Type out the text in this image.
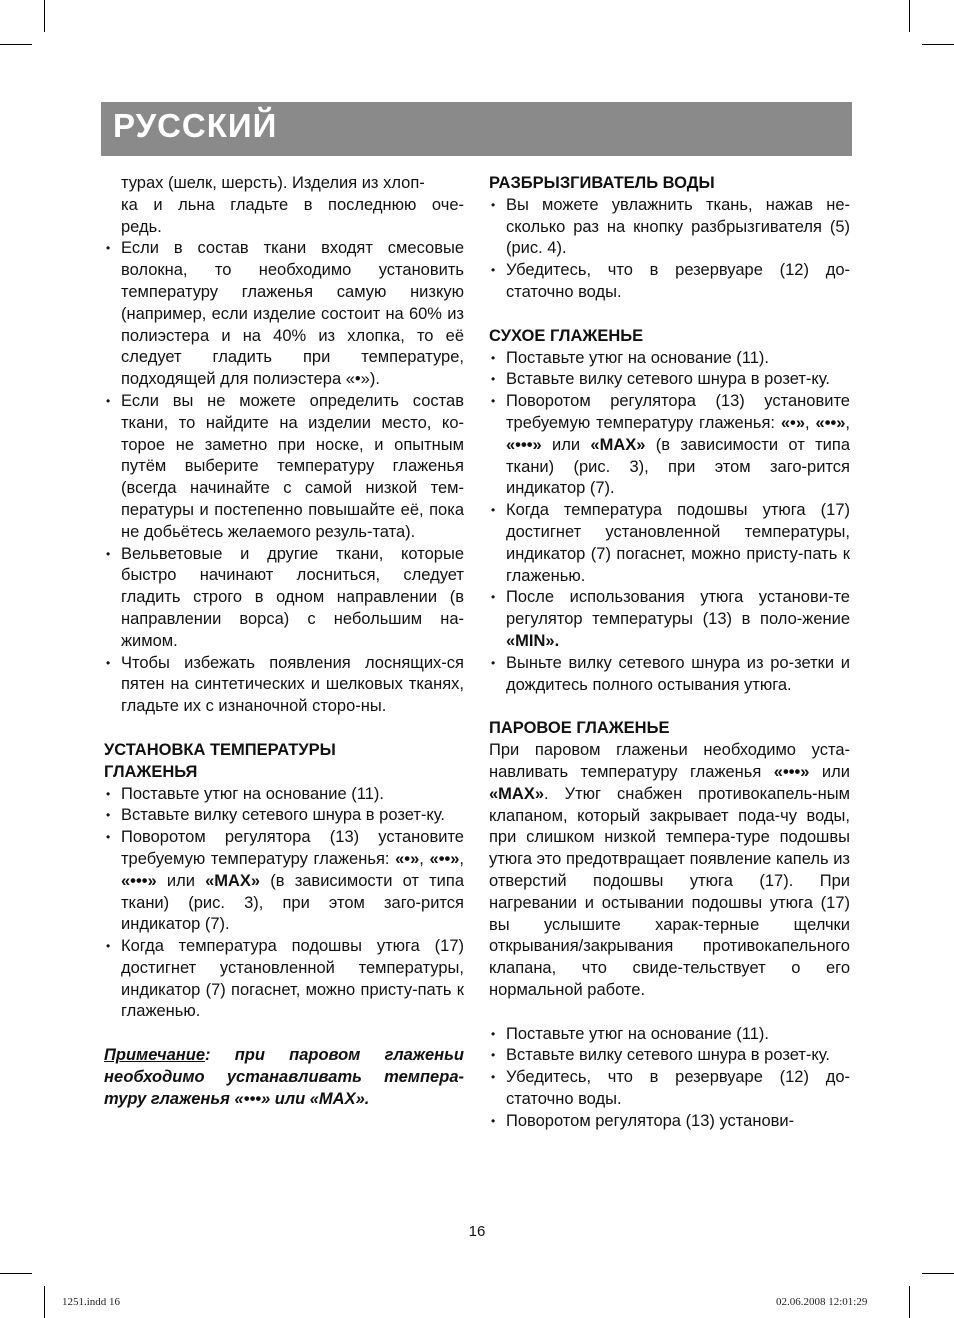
РУССКИЙ

турах (шелк, шерсть). Изделия из хлоп-

ка и льна гладьте в последнюю оче-

редь.

• Если в состав ткани входят смесовые волокна, то необходимо установить температуру глаженья самую низкую (например, если изделие состоит на 60% из полиэстера и на 40% из хлопка, то её следует гладить при температуре, подходящей для полиэстера «•»).

• Если вы не можете определить состав ткани, то найдите на изделии место, ко-торое не заметно при носке, и опытным путём выберите температуру глаженья (всегда начинайте с самой низкой тем-пературы и постепенно повышайте её, пока не добьётесь желаемого резуль-тата).

• Вельветовые и другие ткани, которые быстро начинают лосниться, следует гладить строго в одном направлении (в направлении ворса) с небольшим на-жимом.

• Чтобы избежать появления лоснящих-ся пятен на синтетических и шелковых тканях, гладьте их с изнаночной сторо-ны.

УСТАНОВКА ТЕМПЕРАТУРЫ

ГЛАЖЕНЬЯ

• Поставьте утюг на основание (11).

• Вставьте вилку сетевого шнура в розет-ку.

• Поворотом регулятора (13) установите требуемую температуру глаженья: «•», «••», «•••» или «MAX» (в зависимости от типа ткани) (рис. 3), при этом заго-рится индикатор (7).

• Когда температура подошвы утюга (17) достигнет установленной температуры, индикатор (7) погаснет, можно присту-пать к глаженью.

Примечание: при паровом глаженьи необходимо устанавливать темпера-туру глаженья «•••» или «MAX».

РАЗБРЫЗГИВАТЕЛЬ ВОДЫ

• Вы можете увлажнить ткань, нажав не-сколько раз на кнопку разбрызгивателя (5) (рис. 4).

• Убедитесь, что в резервуаре (12) до-статочно воды.

СУХОЕ ГЛАЖЕНЬЕ

• Поставьте утюг на основание (11).

• Вставьте вилку сетевого шнура в розет-ку.

• Поворотом регулятора (13) установите требуемую температуру глаженья: «•», «••», «•••» или «MAX» (в зависимости от типа ткани) (рис. 3), при этом заго-рится индикатор (7).

• Когда температура подошвы утюга (17) достигнет установленной температуры, индикатор (7) погаснет, можно присту-пать к глаженью.

• После использования утюга установи-те регулятор температуры (13) в поло-жение «MIN».

• Выньте вилку сетевого шнура из ро-зетки и дождитесь полного остывания утюга.

ПАРОВОЕ ГЛАЖЕНЬЕ

При паровом глаженьи необходимо уста-навливать температуру глаженья «•••» или «MAX». Утюг снабжен противокапель-ным клапаном, который закрывает пода-чу воды, при слишком низкой темпера-туре подошвы утюга это предотвращает появление капель из отверстий подошвы утюга (17). При нагревании и остывании подошвы утюга (17) вы услышите харак-терные щелчки открывания/закрывания противокапельного клапана, что свиде-тельствует о его нормальной работе.

• Поставьте утюг на основание (11).

• Вставьте вилку сетевого шнура в розет-ку.

• Убедитесь, что в резервуаре (12) до-статочно воды.

• Поворотом регулятора (13) установи-

16
1251.indd 16	02.06.2008 12:01:29
